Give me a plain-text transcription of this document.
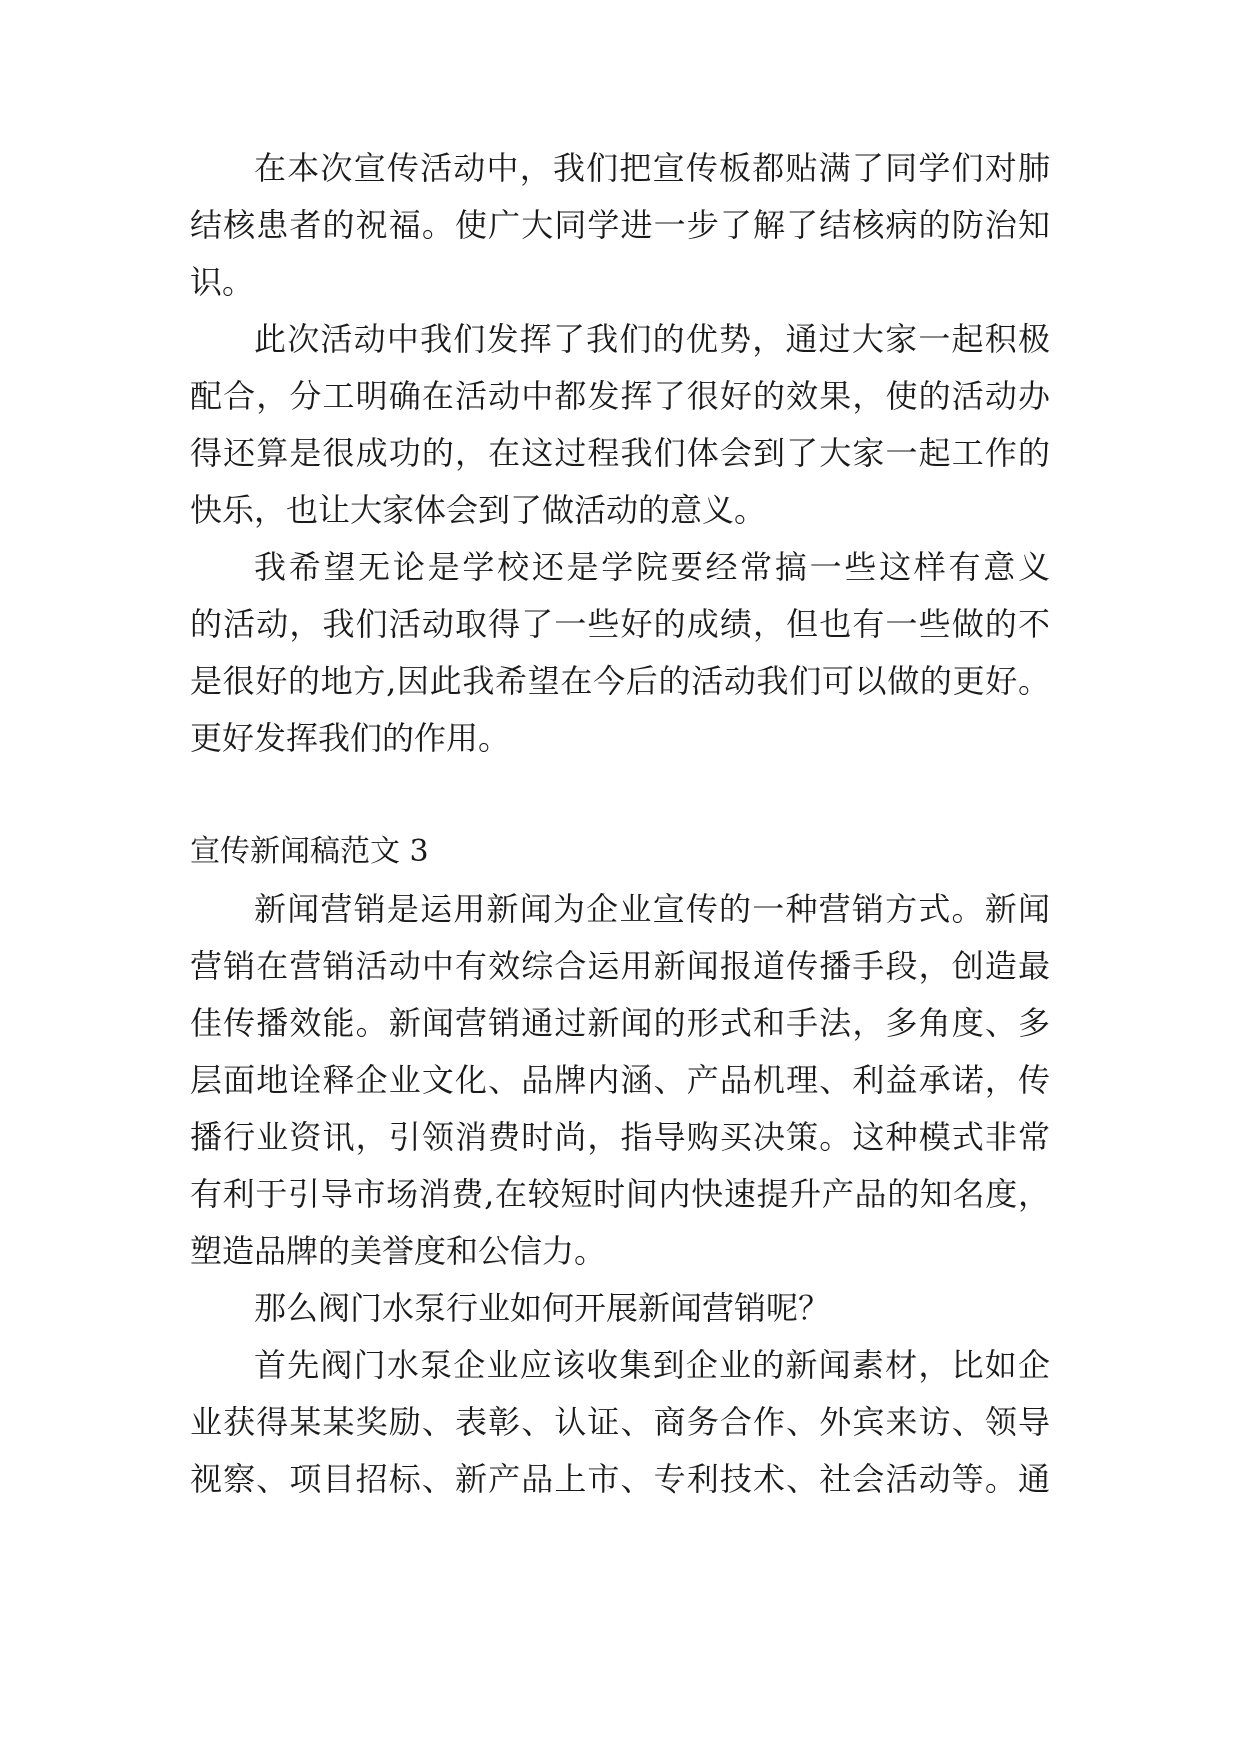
在本次宣传活动中，我们把宣传板都贴满了同学们对肺
结核患者的祝福。使广大同学进一步了解了结核病的防治知
识。
此次活动中我们发挥了我们的优势，通过大家一起积极
配合，分工明确在活动中都发挥了很好的效果，使的活动办
得还算是很成功的，在这过程我们体会到了大家一起工作的
快乐，也让大家体会到了做活动的意义。
我希望无论是学校还是学院要经常搞一些这样有意义
的活动，我们活动取得了一些好的成绩，但也有一些做的不
是很好的地方,因此我希望在今后的活动我们可以做的更好。
更好发挥我们的作用。
宣传新闻稿范文 3
新闻营销是运用新闻为企业宣传的一种营销方式。新闻
营销在营销活动中有效综合运用新闻报道传播手段，创造最
佳传播效能。新闻营销通过新闻的形式和手法，多角度、多
层面地诠释企业文化、品牌内涵、产品机理、利益承诺，传
播行业资讯，引领消费时尚，指导购买决策。这种模式非常
有利于引导市场消费,在较短时间内快速提升产品的知名度，
塑造品牌的美誉度和公信力。
那么阀门水泵行业如何开展新闻营销呢？
首先阀门水泵企业应该收集到企业的新闻素材，比如企
业获得某某奖励、表彰、认证、商务合作、外宾来访、领导
视察、项目招标、新产品上市、专利技术、社会活动等。通
